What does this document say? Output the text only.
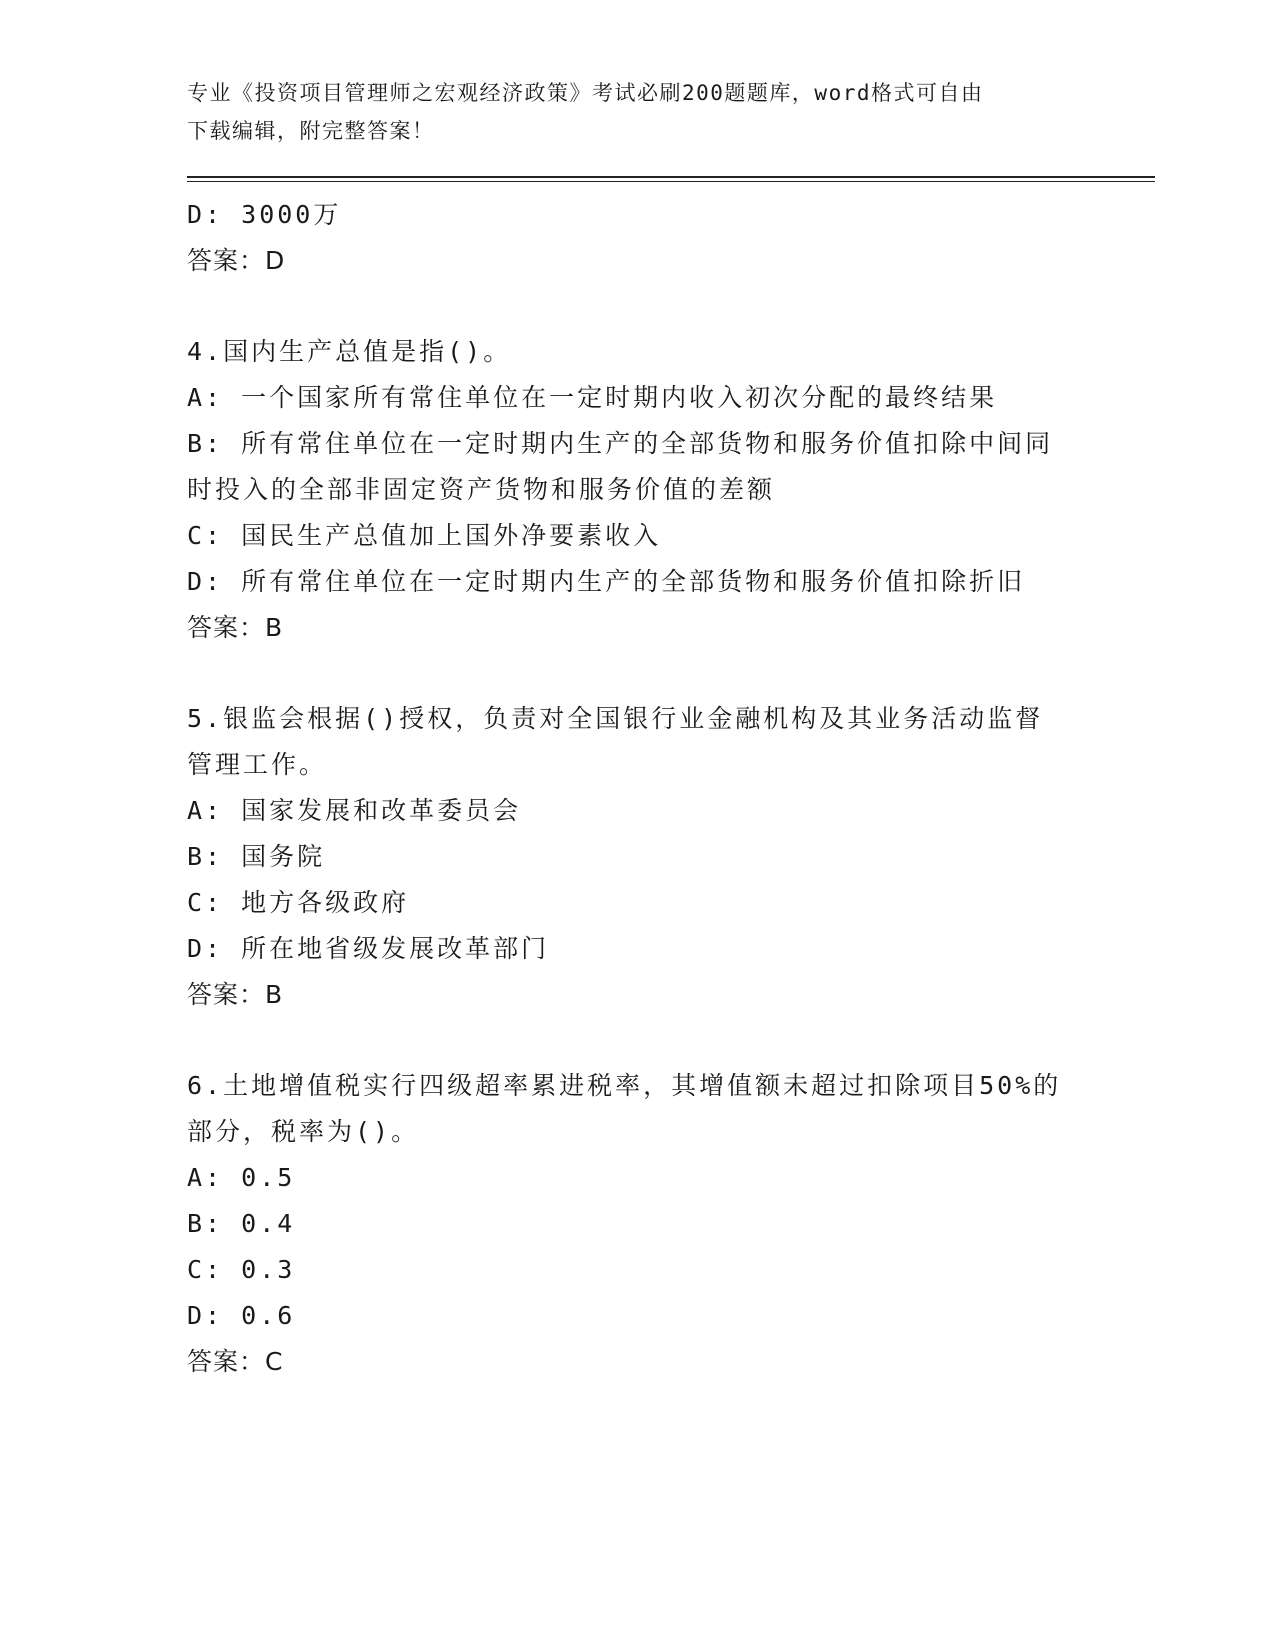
专业《投资项目管理师之宏观经济政策》考试必刷200题题库，word格式可自由
下载编辑，附完整答案！
D: 3000万
答案：D
4.国内生产总值是指()。
A: 一个国家所有常住单位在一定时期内收入初次分配的最终结果
B: 所有常住单位在一定时期内生产的全部货物和服务价值扣除中间同
时投入的全部非固定资产货物和服务价值的差额
C: 国民生产总值加上国外净要素收入
D: 所有常住单位在一定时期内生产的全部货物和服务价值扣除折旧
答案：B
5.银监会根据()授权，负责对全国银行业金融机构及其业务活动监督
管理工作。
A: 国家发展和改革委员会
B: 国务院
C: 地方各级政府
D: 所在地省级发展改革部门
答案：B
6.土地增值税实行四级超率累进税率，其增值额未超过扣除项目50%的
部分，税率为()。
A: 0.5
B: 0.4
C: 0.3
D: 0.6
答案：C
